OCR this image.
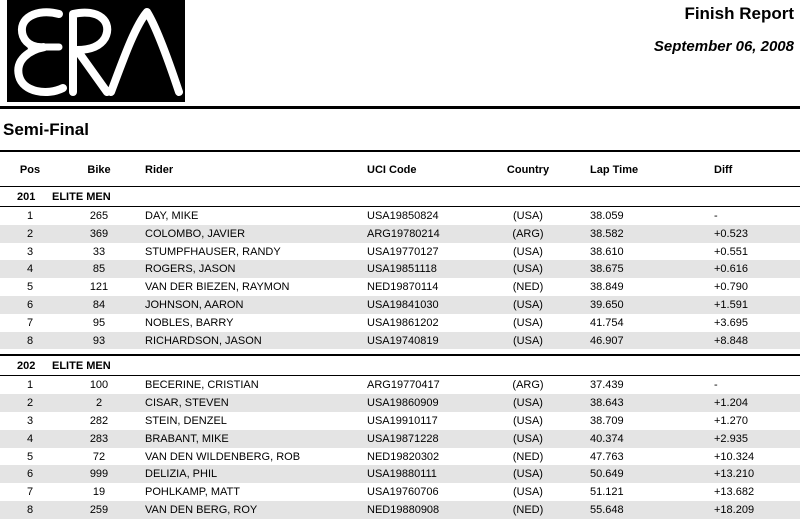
Finish Report
September 06, 2008
Semi-Final
Pos	Bike	Rider	UCI Code	Country	Lap Time	Diff
201 ELITE MEN
1	265	DAY, MIKE	USA19850824	(USA)	38.059	-
2	369	COLOMBO, JAVIER	ARG19780214	(ARG)	38.582	+0.523
3	33	STUMPFHAUSER, RANDY	USA19770127	(USA)	38.610	+0.551
4	85	ROGERS, JASON	USA19851118	(USA)	38.675	+0.616
5	121	VAN DER BIEZEN, RAYMON	NED19870114	(NED)	38.849	+0.790
6	84	JOHNSON, AARON	USA19841030	(USA)	39.650	+1.591
7	95	NOBLES, BARRY	USA19861202	(USA)	41.754	+3.695
8	93	RICHARDSON, JASON	USA19740819	(USA)	46.907	+8.848
202 ELITE MEN
1	100	BECERINE, CRISTIAN	ARG19770417	(ARG)	37.439	-
2	2	CISAR, STEVEN	USA19860909	(USA)	38.643	+1.204
3	282	STEIN, DENZEL	USA19910117	(USA)	38.709	+1.270
4	283	BRABANT, MIKE	USA19871228	(USA)	40.374	+2.935
5	72	VAN DEN WILDENBERG, ROB	NED19820302	(NED)	47.763	+10.324
6	999	DELIZIA, PHIL	USA19880111	(USA)	50.649	+13.210
7	19	POHLKAMP, MATT	USA19760706	(USA)	51.121	+13.682
8	259	VAN DEN BERG, ROY	NED19880908	(NED)	55.648	+18.209
